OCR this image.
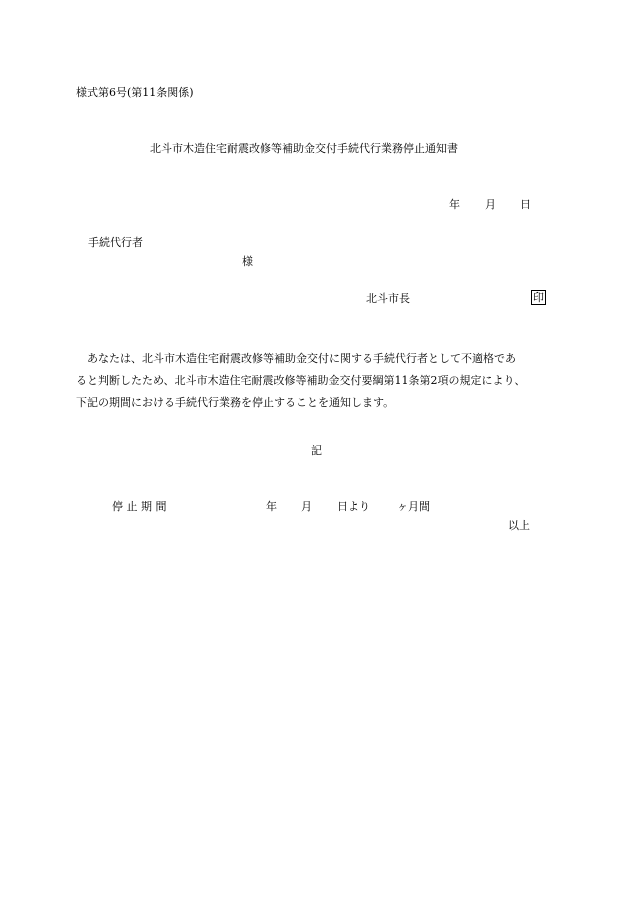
様式第6号(第11条関係)
北斗市木造住宅耐震改修等補助金交付手続代行業務停止通知書
年 月 日
手続代行者
様
北斗市長	印
あなたは、北斗市木造住宅耐震改修等補助金交付に関する手続代行者として不適格であ
ると判断したため、北斗市木造住宅耐震改修等補助金交付要綱第11条第2項の規定により、
下記の期間における手続代行業務を停止することを通知します。
記
停 止 期 間	年 月 日より ヶ月間
以上
